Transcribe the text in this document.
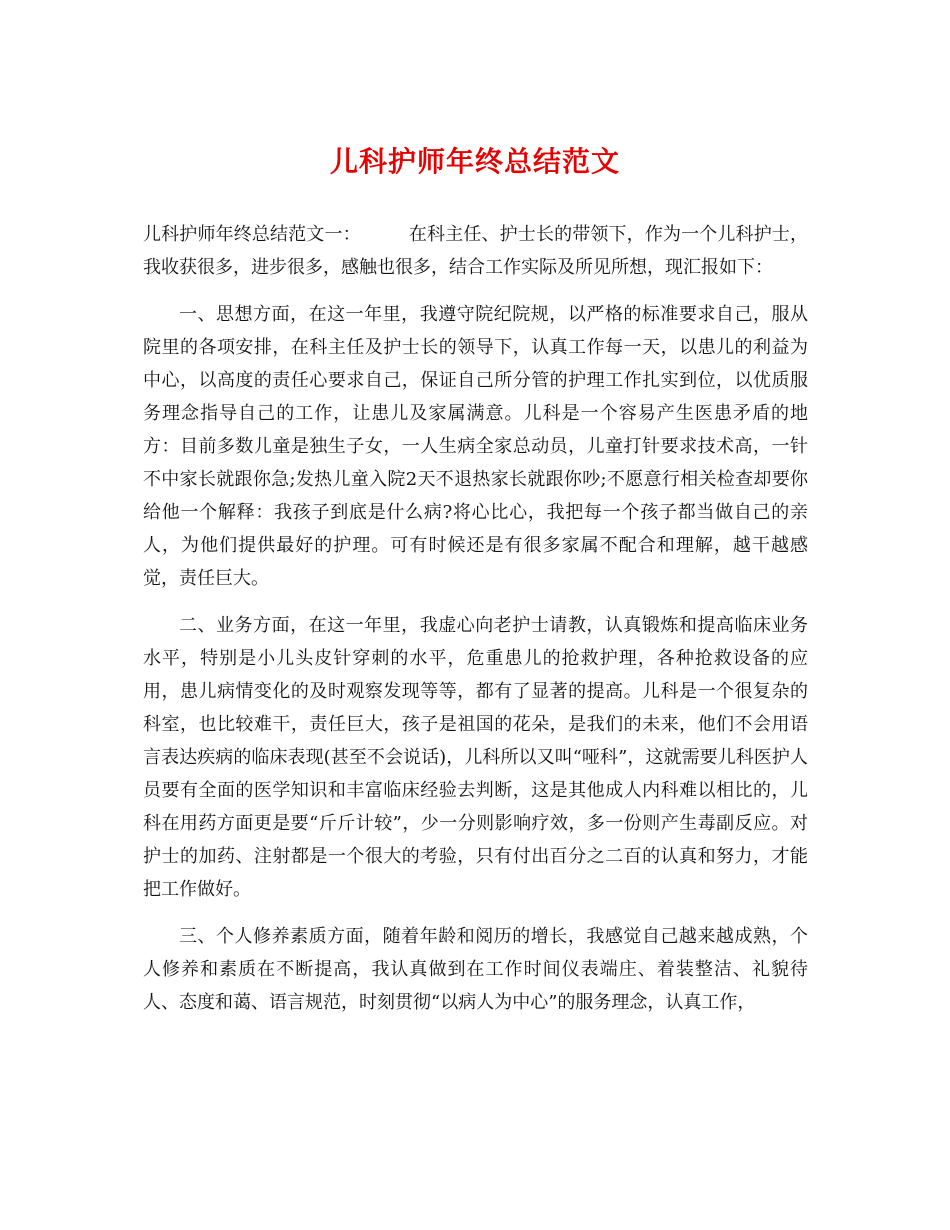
儿科护师年终总结范文

儿科护师年终总结范文一：	在科主任、护士长的带领下，作为一个儿科护士，我收获很多，进步很多，感触也很多，结合工作实际及所见所想，现汇报如下：

一、思想方面，在这一年里，我遵守院纪院规，以严格的标准要求自己，服从院里的各项安排，在科主任及护士长的领导下，认真工作每一天，以患儿的利益为中心，以高度的责任心要求自己，保证自己所分管的护理工作扎实到位，以优质服务理念指导自己的工作，让患儿及家属满意。儿科是一个容易产生医患矛盾的地方：目前多数儿童是独生子女，一人生病全家总动员，儿童打针要求技术高，一针不中家长就跟你急;发热儿童入院2天不退热家长就跟你吵;不愿意行相关检查却要你给他一个解释：我孩子到底是什么病?将心比心，我把每一个孩子都当做自己的亲人，为他们提供最好的护理。可有时候还是有很多家属不配合和理解，越干越感觉，责任巨大。

二、业务方面，在这一年里，我虚心向老护士请教，认真锻炼和提高临床业务水平，特别是小儿头皮针穿刺的水平，危重患儿的抢救护理，各种抢救设备的应用，患儿病情变化的及时观察发现等等，都有了显著的提高。儿科是一个很复杂的科室，也比较难干，责任巨大，孩子是祖国的花朵，是我们的未来，他们不会用语言表达疾病的临床表现(甚至不会说话)，儿科所以又叫“哑科”，这就需要儿科医护人员要有全面的医学知识和丰富临床经验去判断，这是其他成人内科难以相比的，儿科在用药方面更是要“斤斤计较”，少一分则影响疗效，多一份则产生毒副反应。对护士的加药、注射都是一个很大的考验，只有付出百分之二百的认真和努力，才能把工作做好。

三、个人修养素质方面，随着年龄和阅历的增长，我感觉自己越来越成熟，个人修养和素质在不断提高，我认真做到在工作时间仪表端庄、着装整洁、礼貌待人、态度和蔼、语言规范，时刻贯彻“以病人为中心”的服务理念，认真工作，
